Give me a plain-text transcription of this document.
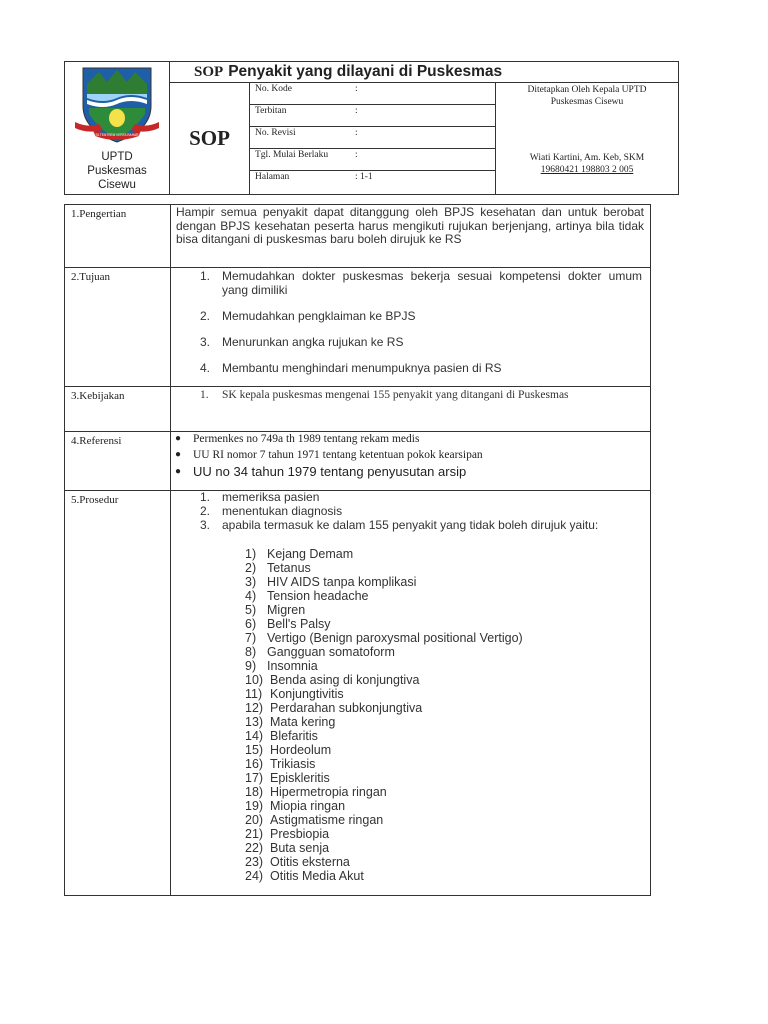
TATA TENTREM KERTA RAHARJA
UPTD
Puskesmas
Cisewu
SOP Penyakit yang dilayani di Puskesmas
SOP
No. Kode	:
Terbitan	:
No. Revisi	:
Tgl. Mulai Berlaku	:
Halaman	: 1-1
Ditetapkan Oleh Kepala UPTD
Puskesmas Cisewu
Wiati Kartini, Am. Keb, SKM
19680421 198803 2 005
1.Pengertian	Hampir semua penyakit dapat ditanggung oleh BPJS kesehatan dan untuk berobat dengan BPJS kesehatan peserta harus mengikuti rujukan berjenjang, artinya bila tidak bisa ditangani di puskesmas baru boleh dirujuk ke RS
2.Tujuan	1. Memudahkan dokter puskesmas bekerja sesuai kompetensi dokter umum yang dimiliki
2. Memudahkan pengklaiman ke BPJS
3. Menurunkan angka rujukan ke RS
4. Membantu menghindari menumpuknya pasien di RS
3.Kebijakan	1. SK kepala puskesmas mengenai 155 penyakit yang ditangani di Puskesmas
4.Referensi	● Permenkes no 749a th 1989 tentang rekam medis
● UU RI nomor 7 tahun 1971 tentang ketentuan pokok kearsipan
● UU no 34 tahun 1979 tentang penyusutan arsip
5.Prosedur	1. memeriksa pasien
2. menentukan diagnosis
3. apabila termasuk ke dalam 155 penyakit yang tidak boleh dirujuk yaitu:
1) Kejang Demam
2) Tetanus
3) HIV AIDS tanpa komplikasi
4) Tension headache
5) Migren
6) Bell's Palsy
7) Vertigo (Benign paroxysmal positional Vertigo)
8) Gangguan somatoform
9) Insomnia
10) Benda asing di konjungtiva
11) Konjungtivitis
12) Perdarahan subkonjungtiva
13) Mata kering
14) Blefaritis
15) Hordeolum
16) Trikiasis
17) Episkleritis
18) Hipermetropia ringan
19) Miopia ringan
20) Astigmatisme ringan
21) Presbiopia
22) Buta senja
23) Otitis eksterna
24) Otitis Media Akut
